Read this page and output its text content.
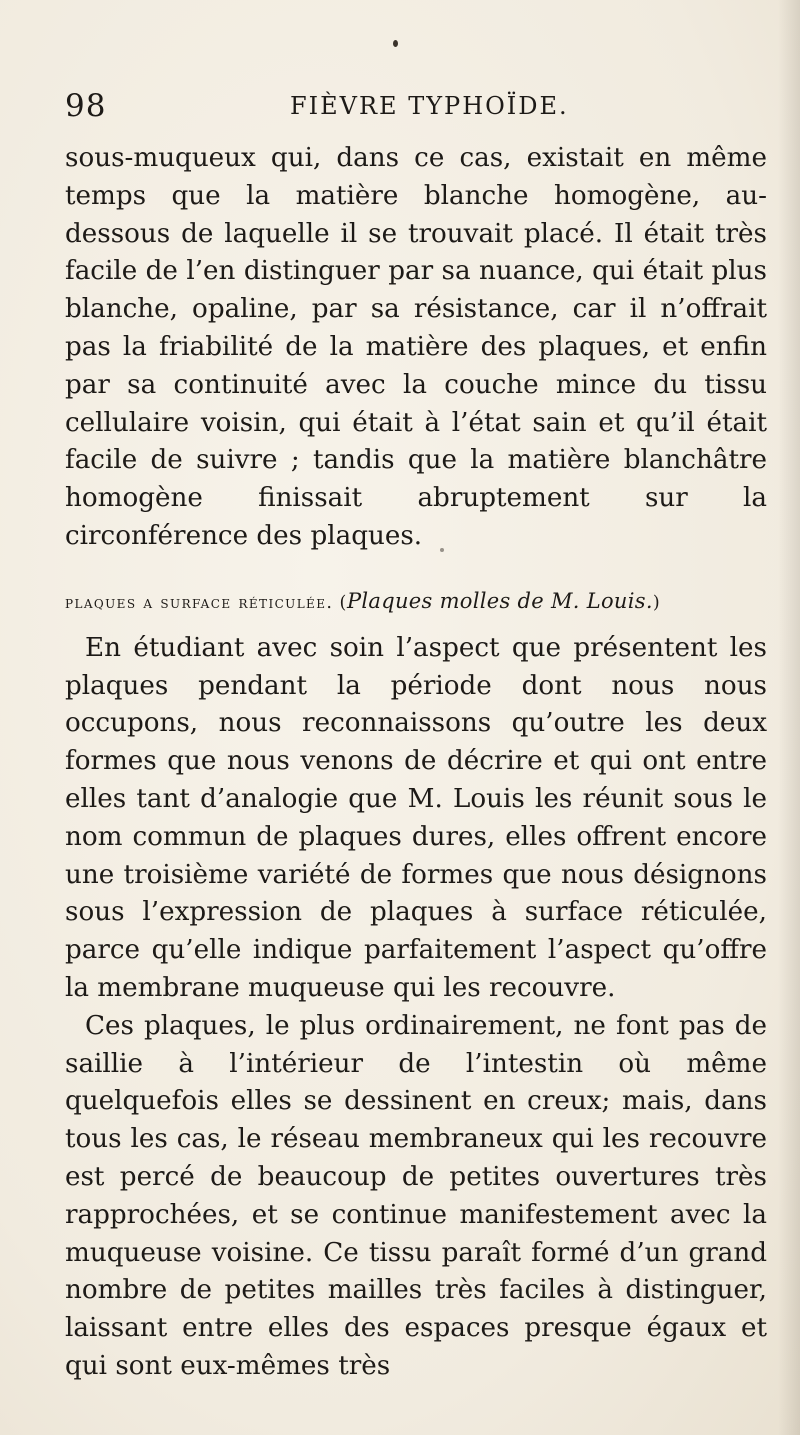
98	FIÈVRE TYPHOÏDE.

sous-muqueux qui, dans ce cas, existait en même temps que la matière blanche homogène, au-dessous de laquelle il se trouvait placé. Il était très facile de l’en distinguer par sa nuance, qui était plus blanche, opaline, par sa résistance, car il n’offrait pas la friabilité de la matière des plaques, et enfin par sa continuité avec la couche mince du tissu cellulaire voisin, qui était à l’état sain et qu’il était facile de suivre ; tandis que la matière blanchâtre homogène finissait abruptement sur la circonférence des plaques.

plaques a surface réticulée. (Plaques molles de M. Louis.)

En étudiant avec soin l’aspect que présentent les plaques pendant la période dont nous nous occupons, nous reconnaissons qu’outre les deux formes que nous venons de décrire et qui ont entre elles tant d’analogie que M. Louis les réunit sous le nom commun de plaques dures, elles offrent encore une troisième variété de formes que nous désignons sous l’expression de plaques à surface réticulée, parce qu’elle indique parfaitement l’aspect qu’offre la membrane muqueuse qui les recouvre.

Ces plaques, le plus ordinairement, ne font pas de saillie à l’intérieur de l’intestin où même quelquefois elles se dessinent en creux; mais, dans tous les cas, le réseau membraneux qui les recouvre est percé de beaucoup de petites ouvertures très rapprochées, et se continue manifestement avec la muqueuse voisine. Ce tissu paraît formé d’un grand nombre de petites mailles très faciles à distinguer, laissant entre elles des espaces presque égaux et qui sont eux-mêmes très
